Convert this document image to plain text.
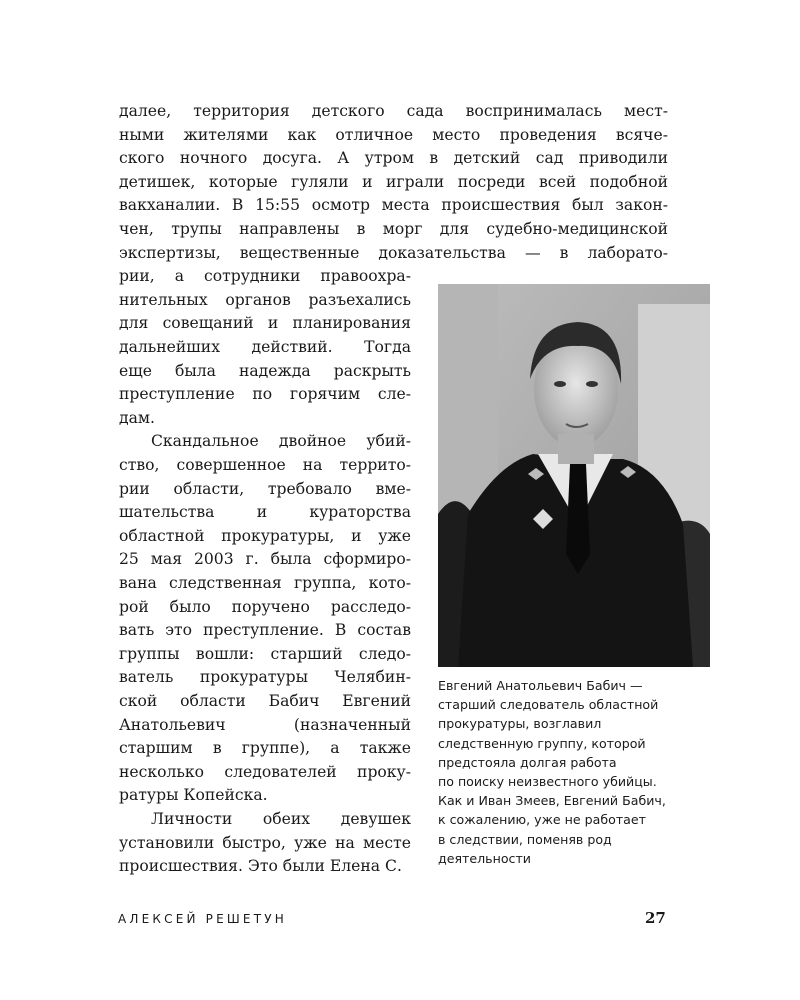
АЛЕКСЕЙ РЕШЕТУН	27
далее, территория детского сада воспринималась мест-
ными жителями как отличное место проведения всяче-
ского ночного досуга. А утром в детский сад приводили
детишек, которые гуляли и играли посреди всей подобной
вакханалии. В 15:55 осмотр места происшествия был закон-
чен, трупы направлены в морг для судебно-медицинской
экспертизы, вещественные доказательства — в лаборато-
рии, а сотрудники правоохра-
нительных органов разъехались
для совещаний и планирования
дальнейших действий. Тогда
еще была надежда раскрыть
преступление по горячим сле-
дам.
Скандальное двойное убий-
ство, совершенное на террито-
рии области, требовало вме-
шательства и кураторства
областной прокуратуры, и уже
25 мая 2003 г. была сформиро-
вана следственная группа, кото-
рой было поручено расследо-
вать это преступление. В состав
группы вошли: старший следо-
ватель прокуратуры Челябин-
ской области Бабич Евгений
Анатольевич (назначенный
старшим в группе), а также
несколько следователей проку-
ратуры Копейска.
Личности обеих девушек
установили быстро, уже на месте
происшествия. Это были Елена С.
Евгений Анатольевич Бабич —
старший следователь областной
прокуратуры, возглавил
следственную группу, которой
предстояла долгая работа
по поиску неизвестного убийцы.
Как и Иван Змеев, Евгений Бабич,
к сожалению, уже не работает
в следствии, поменяв род
деятельности
